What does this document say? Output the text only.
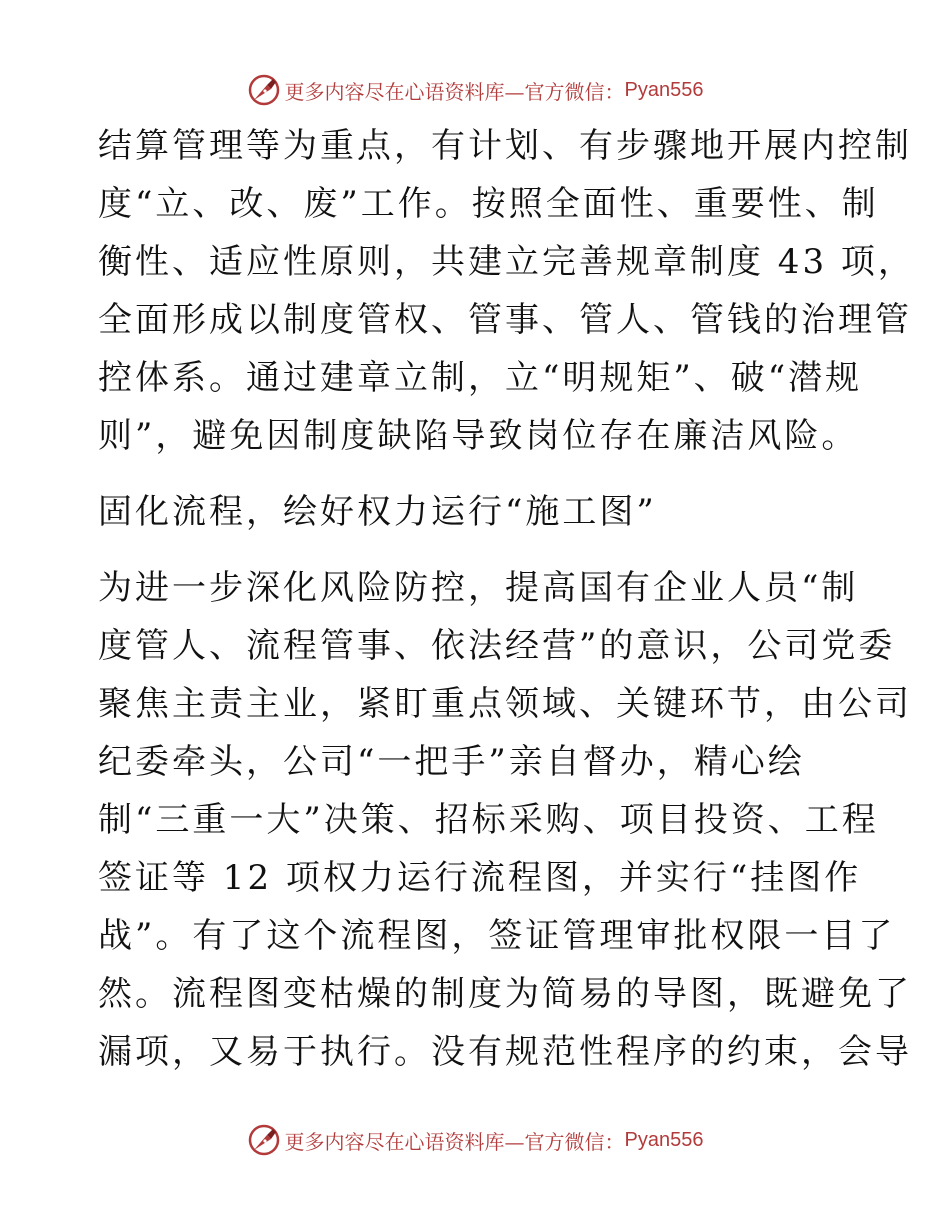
更多内容尽在心语资料库—官方微信： Pyan556
结算管理等为重点，有计划、有步骤地开展内控制
度“立、改、废”工作。按照全面性、重要性、制
衡性、适应性原则，共建立完善规章制度 43 项，
全面形成以制度管权、管事、管人、管钱的治理管
控体系。通过建章立制，立“明规矩”、破“潜规
则”，避免因制度缺陷导致岗位存在廉洁风险。
固化流程，绘好权力运行“施工图”
为进一步深化风险防控，提高国有企业人员“制
度管人、流程管事、依法经营”的意识，公司党委
聚焦主责主业，紧盯重点领域、关键环节，由公司
纪委牵头，公司“一把手”亲自督办，精心绘
制“三重一大”决策、招标采购、项目投资、工程
签证等 12 项权力运行流程图，并实行“挂图作
战”。有了这个流程图，签证管理审批权限一目了
然。流程图变枯燥的制度为简易的导图，既避免了
漏项，又易于执行。没有规范性程序的约束，会导
更多内容尽在心语资料库—官方微信： Pyan556
